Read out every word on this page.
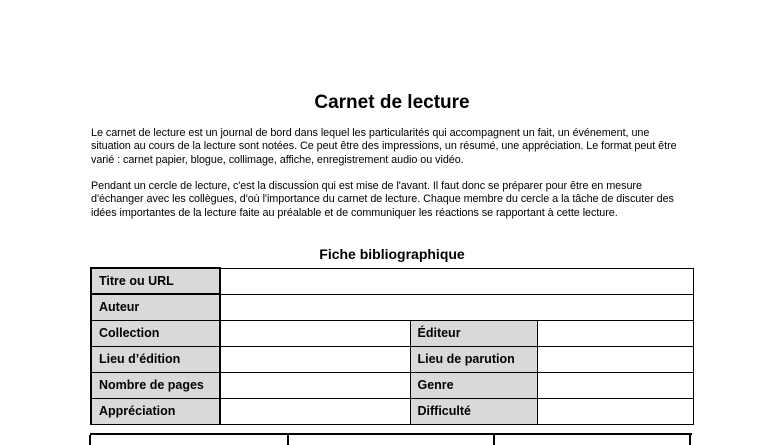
Carnet de lecture

Le carnet de lecture est un journal de bord dans lequel les particularités qui accompagnent un fait, un événement, une situation au cours de la lecture sont notées. Ce peut être des impressions, un résumé, une appréciation. Le format peut être varié : carnet papier, blogue, collimage, affiche, enregistrement audio ou vidéo.

Pendant un cercle de lecture, c'est la discussion qui est mise de l'avant. Il faut donc se préparer pour être en mesure d'échanger avec les collègues, d'où l'importance du carnet de lecture. Chaque membre du cercle a la tâche de discuter des idées importantes de la lecture faite au préalable et de communiquer les réactions se rapportant à cette lecture.

Fiche bibliographique
Titre ou URL			
Auteur			
Collection		Éditeur	
Lieu d’édition		Lieu de parution	
Nombre de pages		Genre	
Appréciation		Difficulté	
